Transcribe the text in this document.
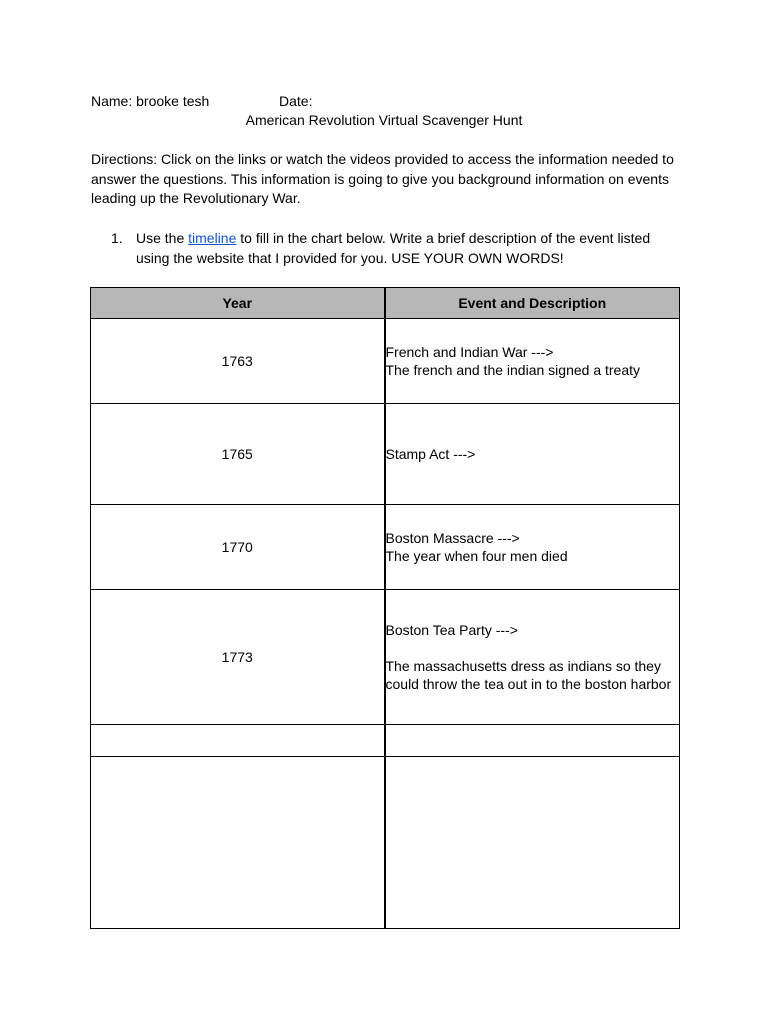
Name: brooke tesh	Date:
American Revolution Virtual Scavenger Hunt
Directions: Click on the links or watch the videos provided to access the information needed to answer the questions. This information is going to give you background information on events leading up the Revolutionary War.
1. Use the timeline to fill in the chart below. Write a brief description of the event listed using the website that I provided for you. USE YOUR OWN WORDS!
Year	Event and Description
1763	French and Indian War --->
The french and the indian signed a treaty

1765	Stamp Act --->

1770	Boston Massacre --->
The year when four men died

1773	Boston Tea Party --->
The massachusetts dress as indians so they could throw the tea out in to the boston harbor
